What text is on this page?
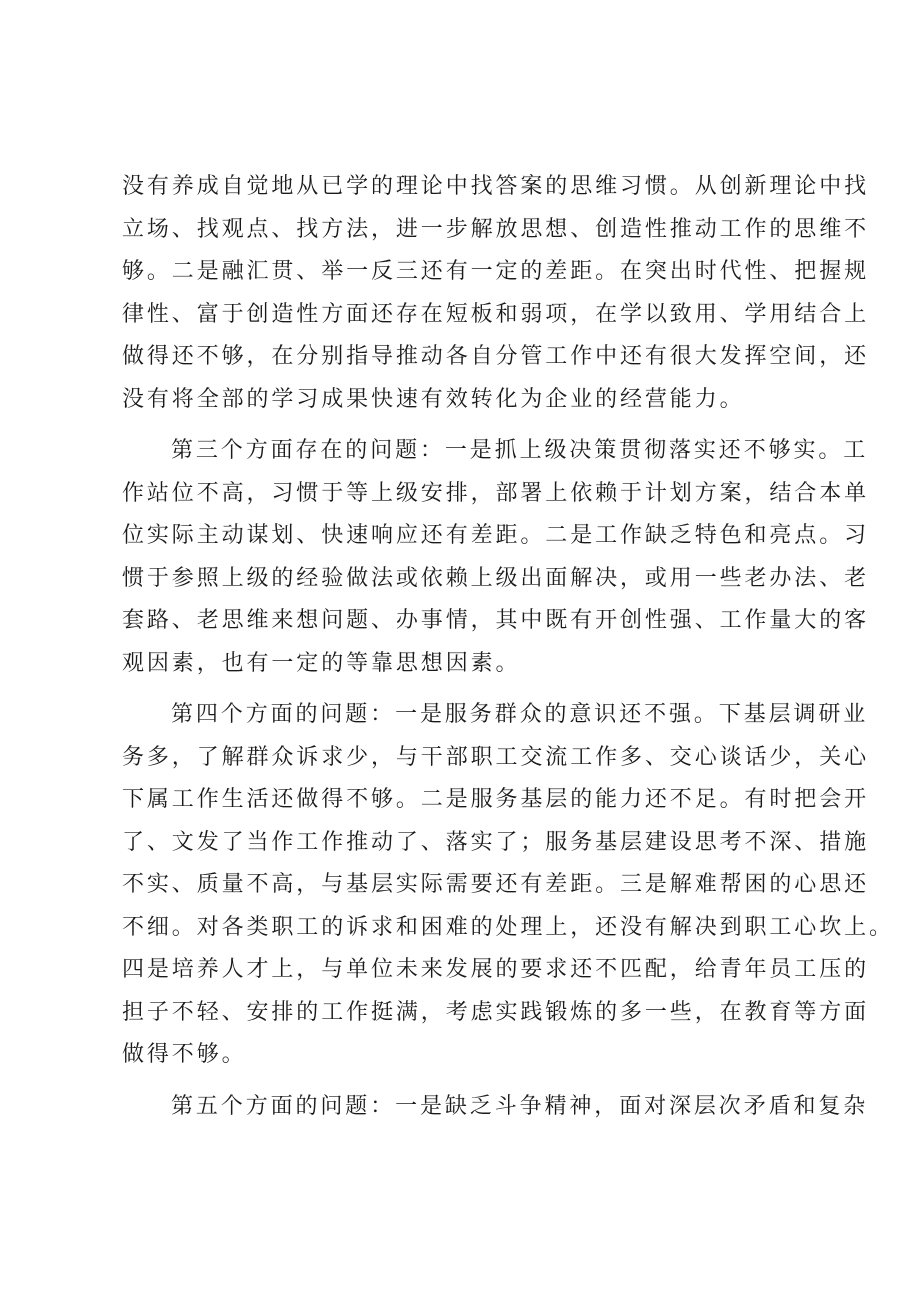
没有养成自觉地从已学的理论中找答案的思维习惯。从创新理论中找
立场、找观点、找方法，进一步解放思想、创造性推动工作的思维不
够。二是融汇贯、举一反三还有一定的差距。在突出时代性、把握规
律性、富于创造性方面还存在短板和弱项，在学以致用、学用结合上
做得还不够，在分别指导推动各自分管工作中还有很大发挥空间，还
没有将全部的学习成果快速有效转化为企业的经营能力。
第三个方面存在的问题：一是抓上级决策贯彻落实还不够实。工
作站位不高，习惯于等上级安排，部署上依赖于计划方案，结合本单
位实际主动谋划、快速响应还有差距。二是工作缺乏特色和亮点。习
惯于参照上级的经验做法或依赖上级出面解决，或用一些老办法、老
套路、老思维来想问题、办事情，其中既有开创性强、工作量大的客
观因素，也有一定的等靠思想因素。
第四个方面的问题：一是服务群众的意识还不强。下基层调研业
务多，了解群众诉求少，与干部职工交流工作多、交心谈话少，关心
下属工作生活还做得不够。二是服务基层的能力还不足。有时把会开
了、文发了当作工作推动了、落实了；服务基层建设思考不深、措施
不实、质量不高，与基层实际需要还有差距。三是解难帮困的心思还
不细。对各类职工的诉求和困难的处理上，还没有解决到职工心坎上。
四是培养人才上，与单位未来发展的要求还不匹配，给青年员工压的
担子不轻、安排的工作挺满，考虑实践锻炼的多一些，在教育等方面
做得不够。
第五个方面的问题：一是缺乏斗争精神，面对深层次矛盾和复杂
